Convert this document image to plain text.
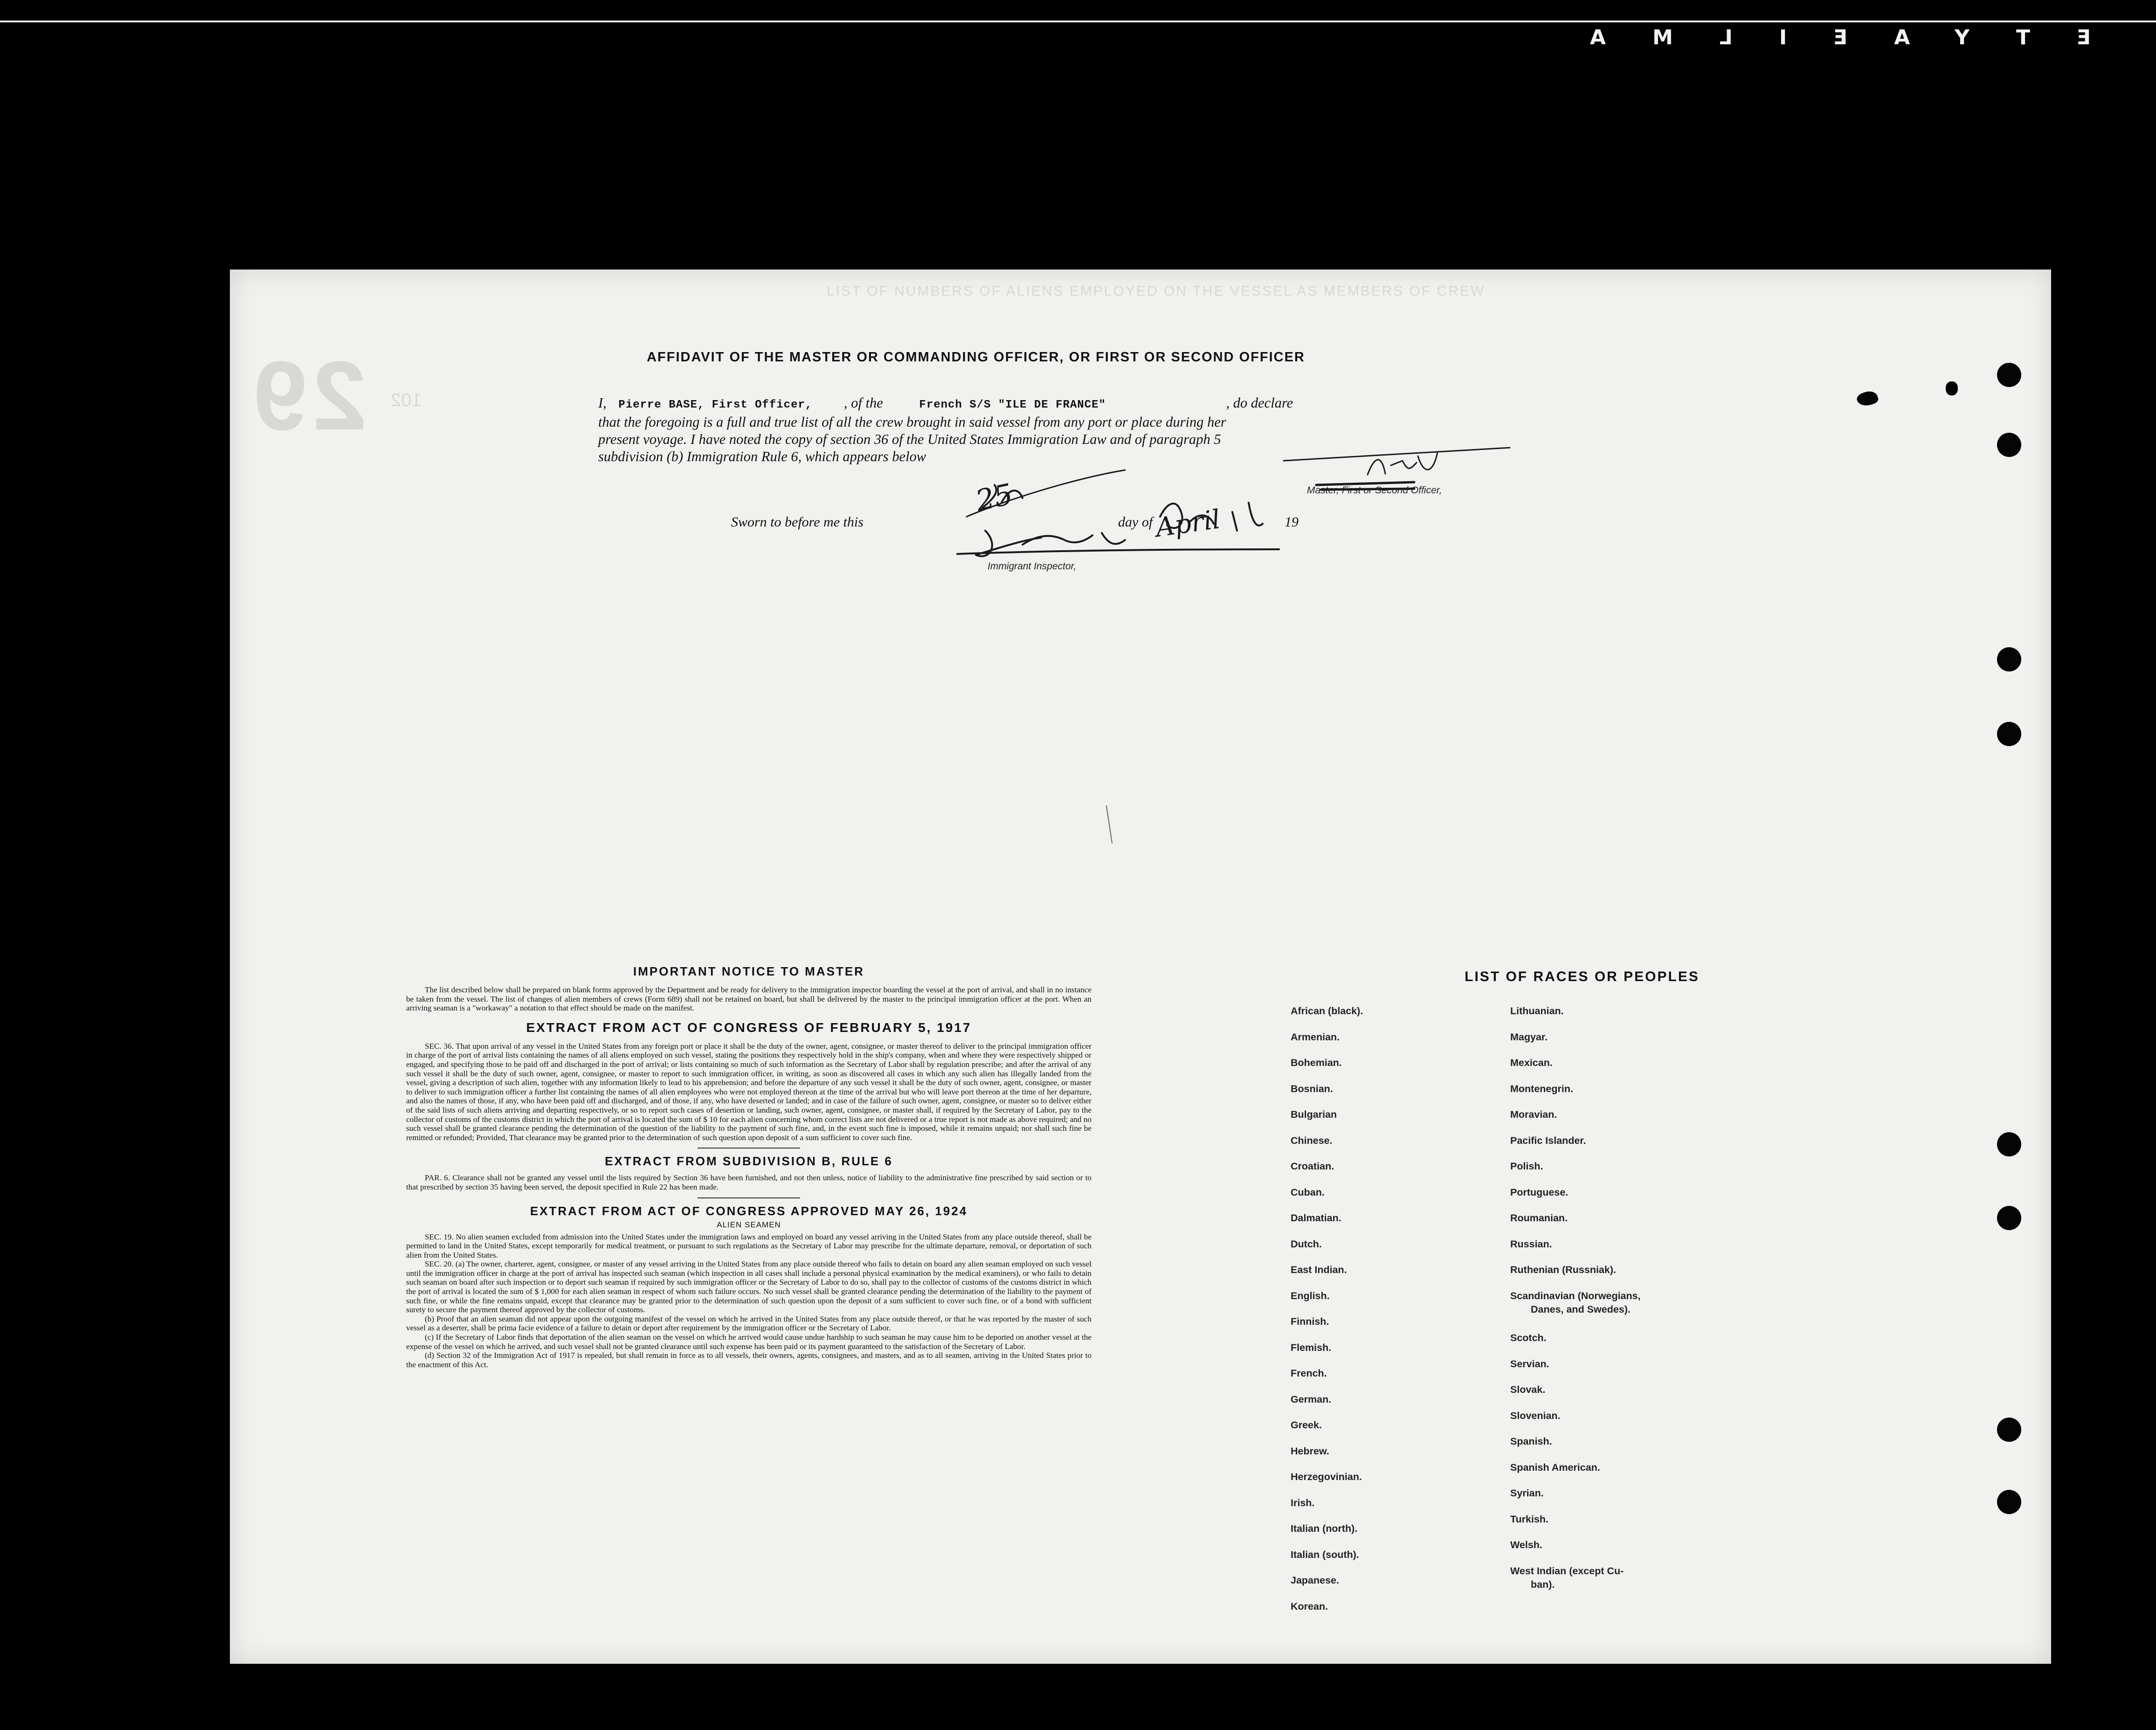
ETYAEILMA
29 102
LIST OF NUMBERS OF ALIENS EMPLOYED ON THE VESSEL AS MEMBERS OF CREW
AFFIDAVIT OF THE MASTER OR COMMANDING OFFICER, OR FIRST OR SECOND OFFICER
I, Pierre BASE, First Officer, , of the	French S/S "ILE DE FRANCE"	, do declare
that the foregoing is a full and true list of all the crew brought in said vessel from any port or place during her
present voyage. I have noted the copy of section 36 of the United States Immigration Law and of paragraph 5
subdivision (b) Immigration Rule 6, which appears below
Master, First or Second Officer,
Sworn to before me this	day of	19
Immigrant Inspector,
25
April
IMPORTANT NOTICE TO MASTER

The list described below shall be prepared on blank forms approved by the Department and be ready for delivery to the immigration inspector boarding the vessel at the port of arrival, and shall in no instance be taken from the vessel. The list of changes of alien members of crews (Form 689) shall not be retained on board, but shall be delivered by the master to the principal immigration officer at the port. When an arriving seaman is a "workaway" a notation to that effect should be made on the manifest.

EXTRACT FROM ACT OF CONGRESS OF FEBRUARY 5, 1917

SEC. 36. That upon arrival of any vessel in the United States from any foreign port or place it shall be the duty of the owner, agent, consignee, or master thereof to deliver to the principal immigration officer in charge of the port of arrival lists containing the names of all aliens employed on such vessel, stating the positions they respectively hold in the ship's company, when and where they were respectively shipped or engaged, and specifying those to be paid off and discharged in the port of arrival; or lists containing so much of such information as the Secretary of Labor shall by regulation prescribe; and after the arrival of any such vessel it shall be the duty of such owner, agent, consignee, or master to report to such immigration officer, in writing, as soon as discovered all cases in which any such alien has illegally landed from the vessel, giving a description of such alien, together with any information likely to lead to his apprehension; and before the departure of any such vessel it shall be the duty of such owner, agent, consignee, or master to deliver to such immigration officer a further list containing the names of all alien employees who were not employed thereon at the time of the arrival but who will leave port thereon at the time of her departure, and also the names of those, if any, who have been paid off and discharged, and of those, if any, who have deserted or landed; and in case of the failure of such owner, agent, consignee, or master so to deliver either of the said lists of such aliens arriving and departing respectively, or so to report such cases of desertion or landing, such owner, agent, consignee, or master shall, if required by the Secretary of Labor, pay to the collector of customs of the customs district in which the port of arrival is located the sum of $ 10 for each alien concerning whom correct lists are not delivered or a true report is not made as above required; and no such vessel shall be granted clearance pending the determination of the question of the liability to the payment of such fine, and, in the event such fine is imposed, while it remains unpaid; nor shall such fine be remitted or refunded; Provided, That clearance may be granted prior to the determination of such question upon deposit of a sum sufficient to cover such fine.

EXTRACT FROM SUBDIVISION B, RULE 6

PAR. 6. Clearance shall not be granted any vessel until the lists required by Section 36 have been furnished, and not then unless, notice of liability to the administrative fine prescribed by said section or to that prescribed by section 35 having been served, the deposit specified in Rule 22 has been made.

EXTRACT FROM ACT OF CONGRESS APPROVED MAY 26, 1924
ALIEN SEAMEN

SEC. 19. No alien seamen excluded from admission into the United States under the immigration laws and employed on board any vessel arriving in the United States from any place outside thereof, shall be permitted to land in the United States, except temporarily for medical treatment, or pursuant to such regulations as the Secretary of Labor may prescribe for the ultimate departure, removal, or deportation of such alien from the United States.

SEC. 20. (a) The owner, charterer, agent, consignee, or master of any vessel arriving in the United States from any place outside thereof who fails to detain on board any alien seaman employed on such vessel until the immigration officer in charge at the port of arrival has inspected such seaman (which inspection in all cases shall include a personal physical examination by the medical examiners), or who fails to detain such seaman on board after such inspection or to deport such seaman if required by such immigration officer or the Secretary of Labor to do so, shall pay to the collector of customs of the customs district in which the port of arrival is located the sum of $ 1,000 for each alien seaman in respect of whom such failure occurs. No such vessel shall be granted clearance pending the determination of the liability to the payment of such fine, or while the fine remains unpaid, except that clearance may be granted prior to the determination of such question upon the deposit of a sum sufficient to cover such fine, or of a bond with sufficient surety to secure the payment thereof approved by the collector of customs.

(b) Proof that an alien seaman did not appear upon the outgoing manifest of the vessel on which he arrived in the United States from any place outside thereof, or that he was reported by the master of such vessel as a deserter, shall be prima facie evidence of a failure to detain or deport after requirement by the immigration officer or the Secretary of Labor.

(c) If the Secretary of Labor finds that deportation of the alien seaman on the vessel on which he arrived would cause undue hardship to such seaman he may cause him to be deported on another vessel at the expense of the vessel on which he arrived, and such vessel shall not be granted clearance until such expense has been paid or its payment guaranteed to the satisfaction of the Secretary of Labor.

(d) Section 32 of the Immigration Act of 1917 is repealed, but shall remain in force as to all vessels, their owners, agents, consignees, and masters, and as to all seamen, arriving in the United States prior to the enactment of this Act.

LIST OF RACES OR PEOPLES
African (black).
Armenian.
Bohemian.
Bosnian.
Bulgarian
Chinese.
Croatian.
Cuban.
Dalmatian.
Dutch.
East Indian.
English.
Finnish.
Flemish.
French.
German.
Greek.
Hebrew.
Herzegovinian.
Irish.
Italian (north).
Italian (south).
Japanese.
Korean.
Lithuanian.
Magyar.
Mexican.
Montenegrin.
Moravian.
Pacific Islander.
Polish.
Portuguese.
Roumanian.
Russian.
Ruthenian (Russniak).
Scandinavian (Norwegians,
Danes, and Swedes).
Scotch.
Servian.
Slovak.
Slovenian.
Spanish.
Spanish American.
Syrian.
Turkish.
Welsh.
West Indian (except Cu-
ban).
